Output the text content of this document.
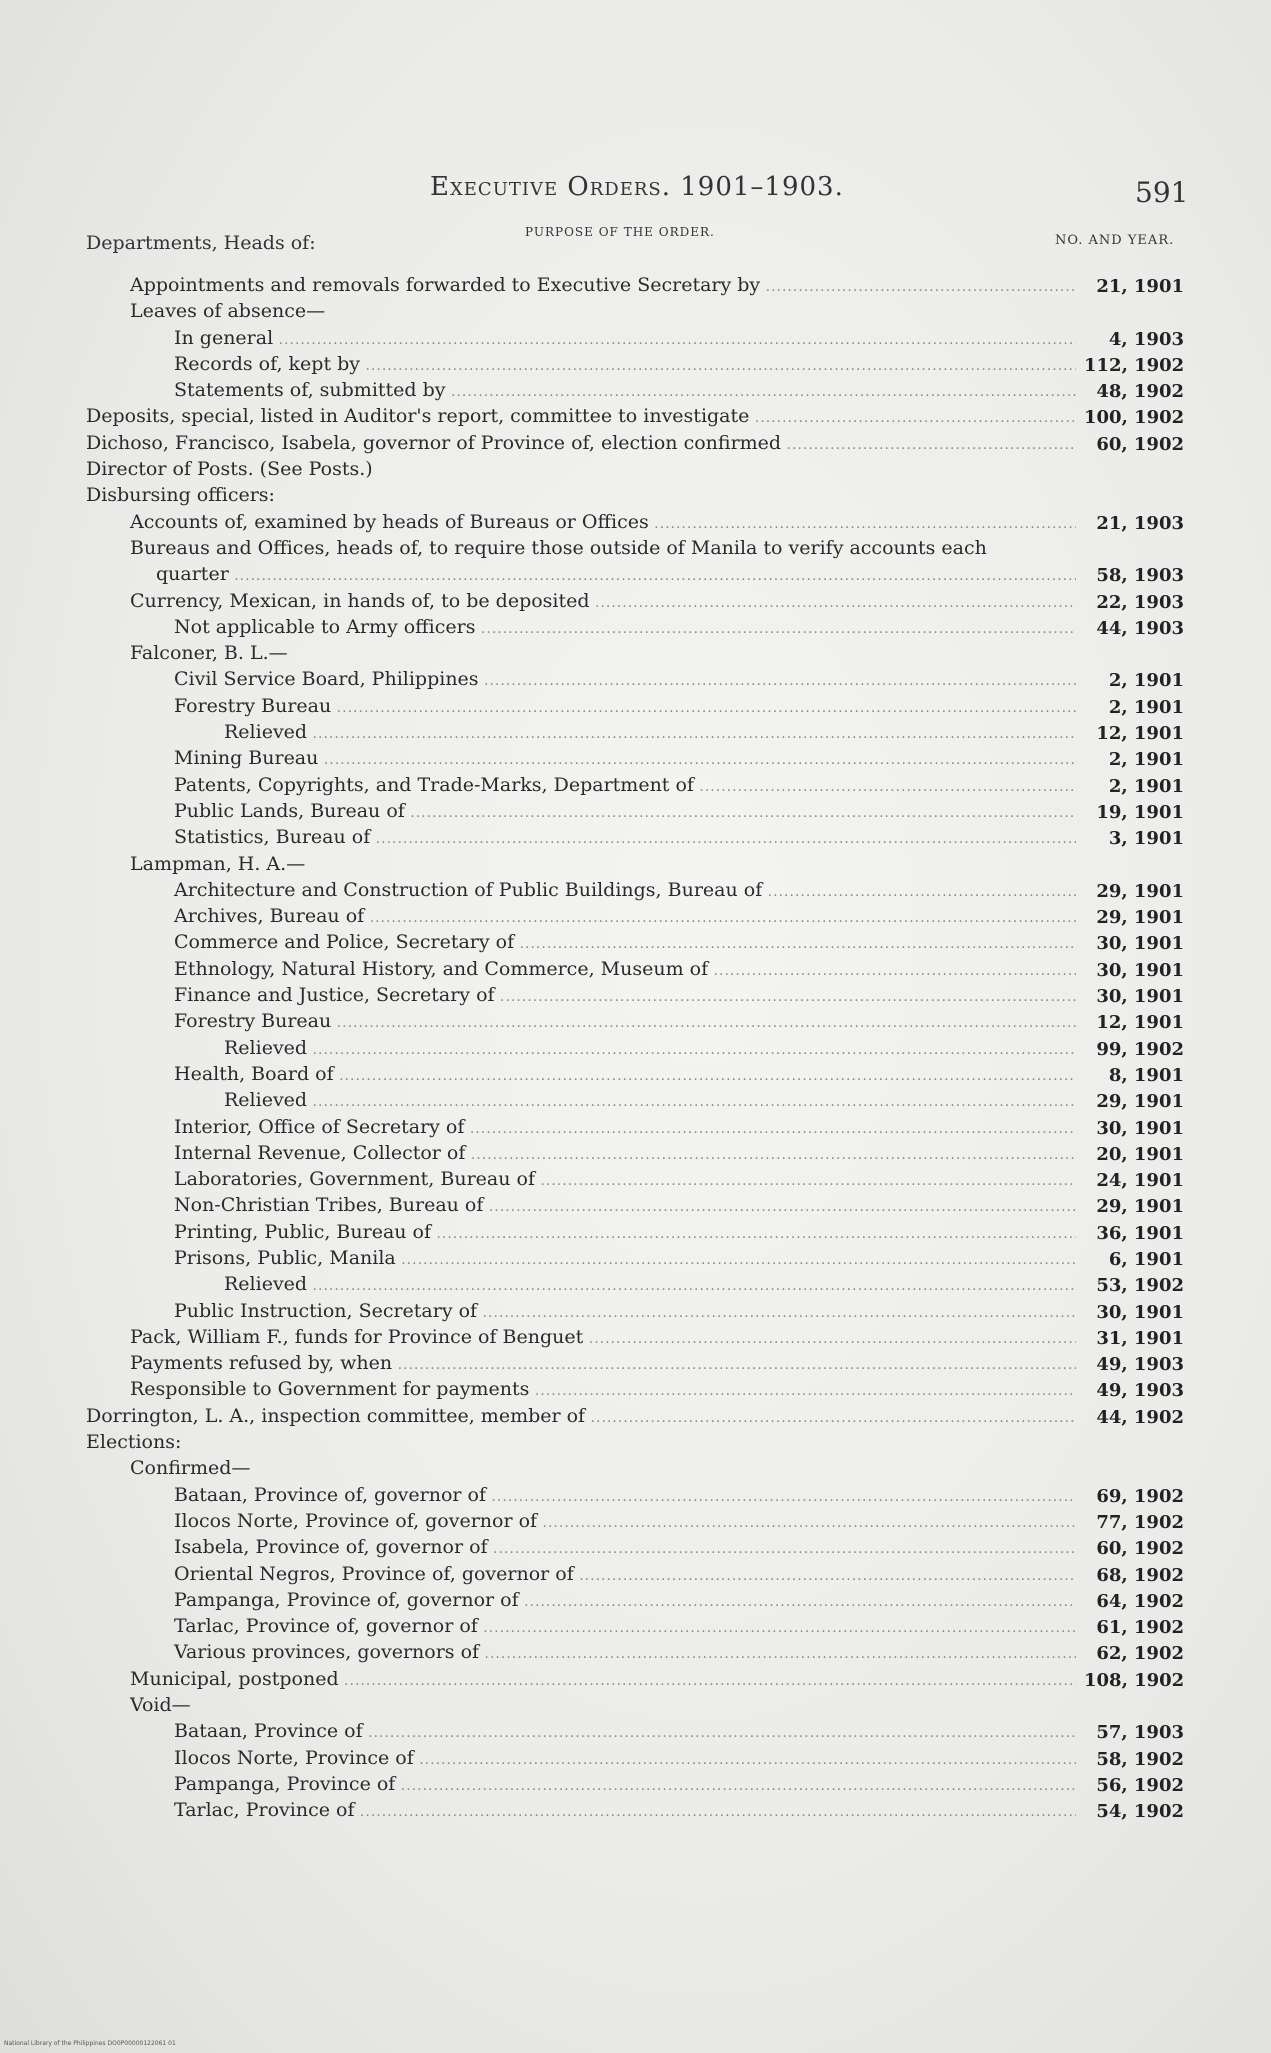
Executive Orders. 1901–1903.	591
Departments, Heads of:	PURPOSE OF THE ORDER.
NO. AND YEAR.
Appointments and removals forwarded to Executive Secretary by .....	21, 1901
Leaves of absence—
In general .....	4, 1903
Records of, kept by .....	112, 1902
Statements of, submitted by .....	48, 1902
Deposits, special, listed in Auditor's report, committee to investigate .....	100, 1902
Dichoso, Francisco, Isabela, governor of Province of, election confirmed .....	60, 1902
Director of Posts. (See Posts.)
Disbursing officers:
Accounts of, examined by heads of Bureaus or Offices .....	21, 1903
Bureaus and Offices, heads of, to require those outside of Manila to verify accounts each
quarter .....	58, 1903
Currency, Mexican, in hands of, to be deposited .....	22, 1903
Not applicable to Army officers .....	44, 1903
Falconer, B. L.—
Civil Service Board, Philippines .....	2, 1901
Forestry Bureau .....	2, 1901
Relieved .....	12, 1901
Mining Bureau .....	2, 1901
Patents, Copyrights, and Trade-Marks, Department of .....	2, 1901
Public Lands, Bureau of .....	19, 1901
Statistics, Bureau of .....	3, 1901
Lampman, H. A.—
Architecture and Construction of Public Buildings, Bureau of .....	29, 1901
Archives, Bureau of .....	29, 1901
Commerce and Police, Secretary of .....	30, 1901
Ethnology, Natural History, and Commerce, Museum of .....	30, 1901
Finance and Justice, Secretary of .....	30, 1901
Forestry Bureau .....	12, 1901
Relieved .....	99, 1902
Health, Board of .....	8, 1901
Relieved .....	29, 1901
Interior, Office of Secretary of .....	30, 1901
Internal Revenue, Collector of .....	20, 1901
Laboratories, Government, Bureau of .....	24, 1901
Non-Christian Tribes, Bureau of .....	29, 1901
Printing, Public, Bureau of .....	36, 1901
Prisons, Public, Manila .....	6, 1901
Relieved .....	53, 1902
Public Instruction, Secretary of .....	30, 1901
Pack, William F., funds for Province of Benguet .....	31, 1901
Payments refused by, when .....	49, 1903
Responsible to Government for payments .....	49, 1903
Dorrington, L. A., inspection committee, member of .....	44, 1902
Elections:
Confirmed—
Bataan, Province of, governor of .....	69, 1902
Ilocos Norte, Province of, governor of .....	77, 1902
Isabela, Province of, governor of .....	60, 1902
Oriental Negros, Province of, governor of .....	68, 1902
Pampanga, Province of, governor of .....	64, 1902
Tarlac, Province of, governor of .....	61, 1902
Various provinces, governors of .....	62, 1902
Municipal, postponed .....	108, 1902
Void—
Bataan, Province of .....	57, 1903
Ilocos Norte, Province of .....	58, 1902
Pampanga, Province of .....	56, 1902
Tarlac, Province of .....	54, 1902
National Library of the Philippines DO0P00000122061 01
